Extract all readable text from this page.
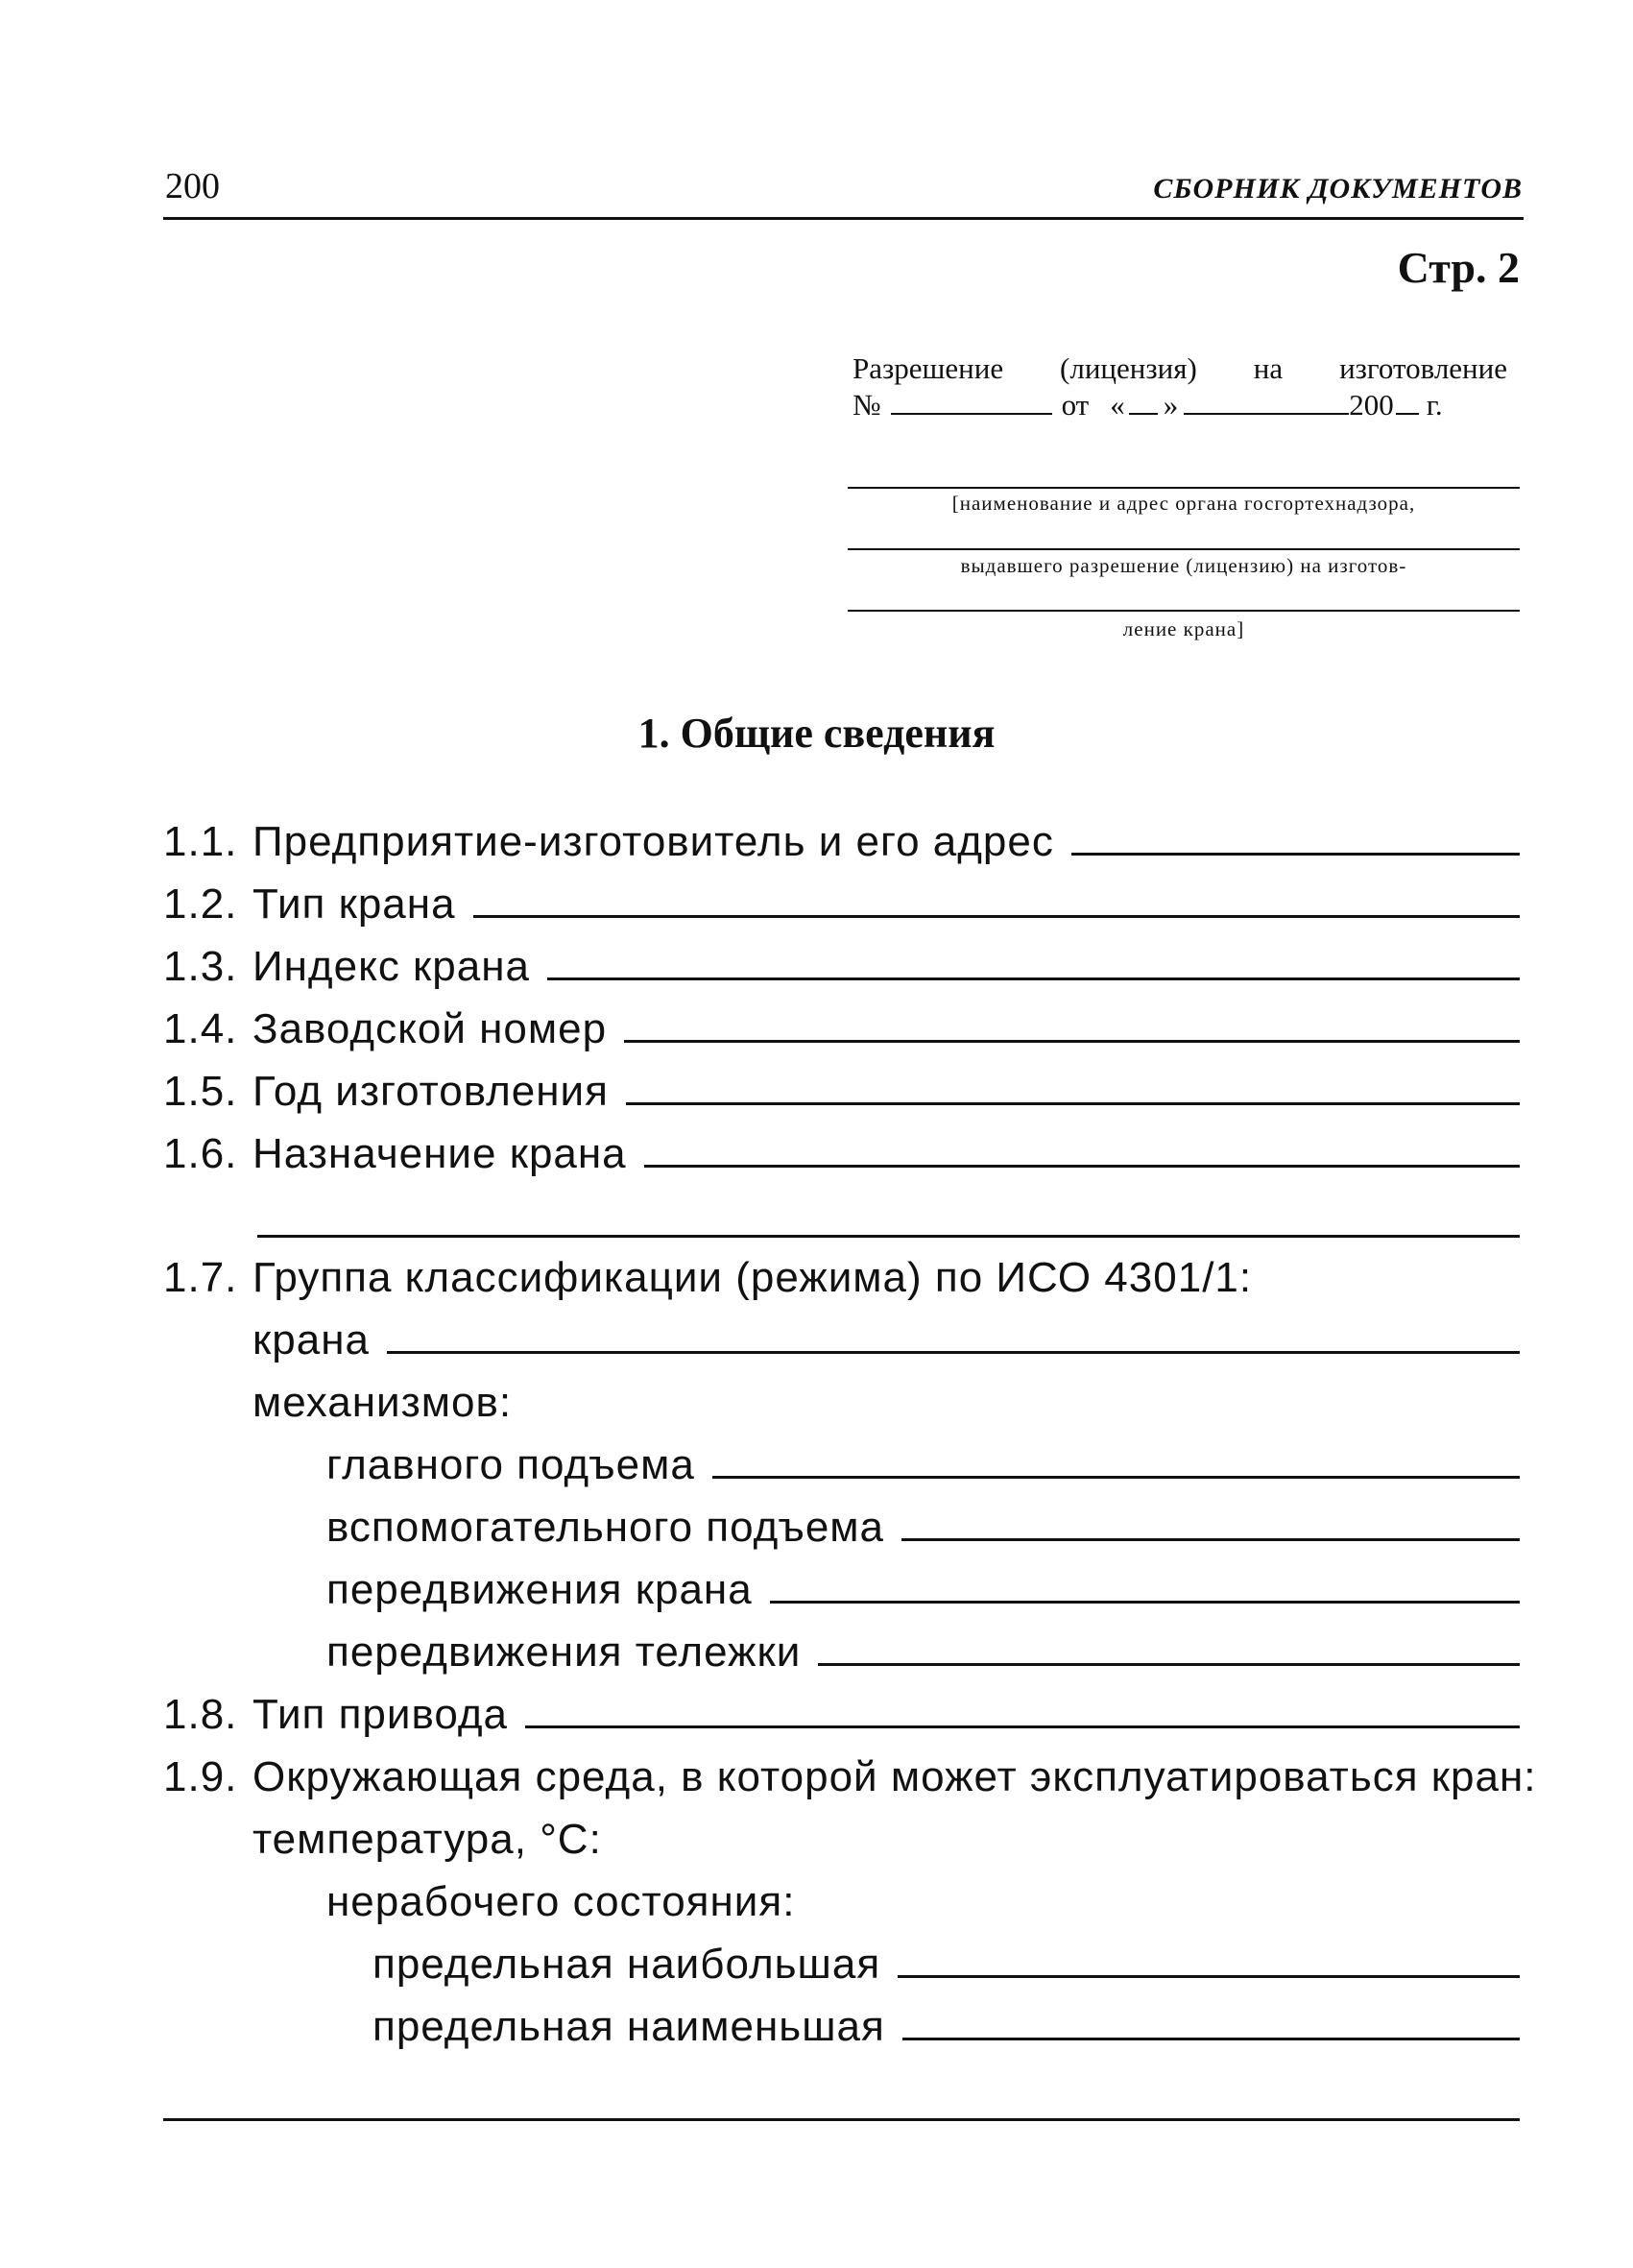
200	СБОРНИК ДОКУМЕНТОВ
Стр. 2
Разрешение (лицензия) на изготовление
№	от « »	200 г.
[наименование и адрес органа госгортехнадзора,
выдавшего разрешение (лицензию) на изготов-
ление крана]
1. Общие сведения
1.1. Предприятие-изготовитель и его адрес
1.2. Тип крана
1.3. Индекс крана
1.4. Заводской номер
1.5. Год изготовления
1.6. Назначение крана
1.7. Группа классификации (режима) по ИСО 4301/1:
крана
механизмов:
главного подъема
вспомогательного подъема
передвижения крана
передвижения тележки
1.8. Тип привода
1.9. Окружающая среда, в которой может эксплуатироваться кран:
температура, °С:
нерабочего состояния:
предельная наибольшая
предельная наименьшая
